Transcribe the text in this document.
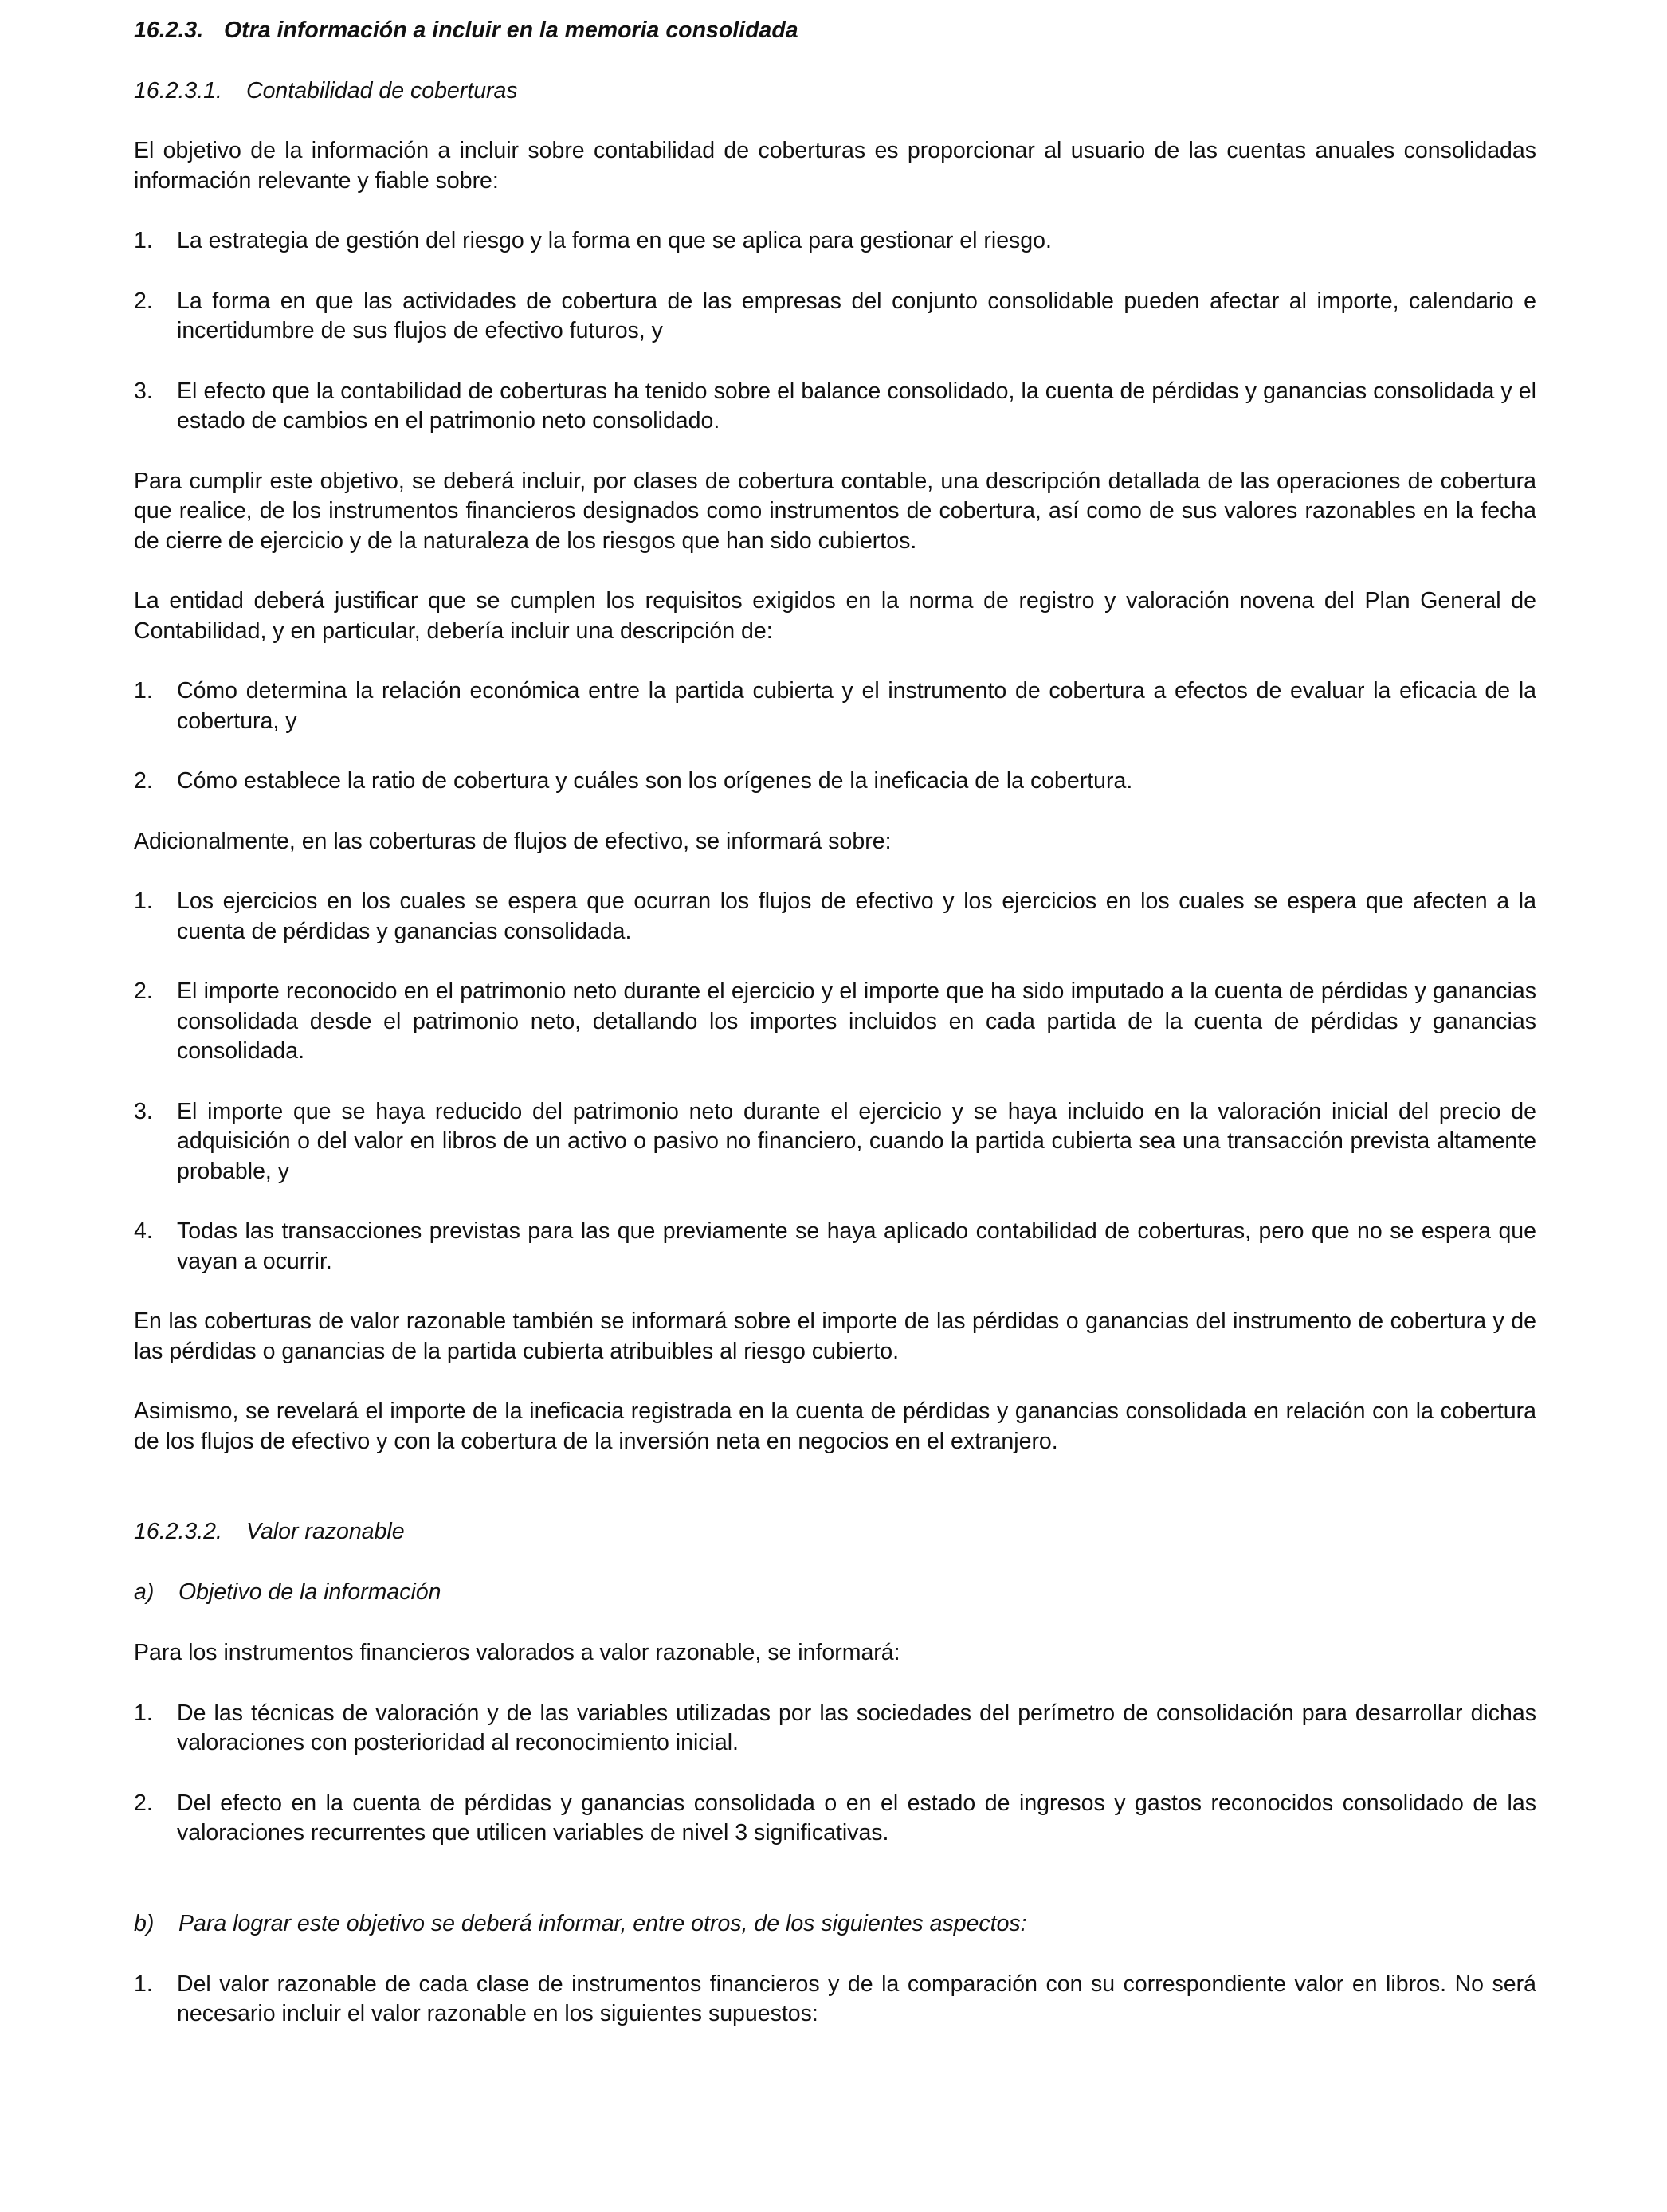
16.2.3. Otra información a incluir en la memoria consolidada
16.2.3.1. Contabilidad de coberturas

El objetivo de la información a incluir sobre contabilidad de coberturas es proporcionar al usuario de las cuentas anuales consolidadas información relevante y fiable sobre:

1. La estrategia de gestión del riesgo y la forma en que se aplica para gestionar el riesgo.
2. La forma en que las actividades de cobertura de las empresas del conjunto consolidable pueden afectar al importe, calendario e incertidumbre de sus flujos de efectivo futuros, y
3. El efecto que la contabilidad de coberturas ha tenido sobre el balance consolidado, la cuenta de pérdidas y ganancias consolidada y el estado de cambios en el patrimonio neto consolidado.

Para cumplir este objetivo, se deberá incluir, por clases de cobertura contable, una descripción detallada de las operaciones de cobertura que realice, de los instrumentos financieros designados como instrumentos de cobertura, así como de sus valores razonables en la fecha de cierre de ejercicio y de la naturaleza de los riesgos que han sido cubiertos.

La entidad deberá justificar que se cumplen los requisitos exigidos en la norma de registro y valoración novena del Plan General de Contabilidad, y en particular, debería incluir una descripción de:

1. Cómo determina la relación económica entre la partida cubierta y el instrumento de cobertura a efectos de evaluar la eficacia de la cobertura, y
2. Cómo establece la ratio de cobertura y cuáles son los orígenes de la ineficacia de la cobertura.

Adicionalmente, en las coberturas de flujos de efectivo, se informará sobre:

1. Los ejercicios en los cuales se espera que ocurran los flujos de efectivo y los ejercicios en los cuales se espera que afecten a la cuenta de pérdidas y ganancias consolidada.
2. El importe reconocido en el patrimonio neto durante el ejercicio y el importe que ha sido imputado a la cuenta de pérdidas y ganancias consolidada desde el patrimonio neto, detallando los importes incluidos en cada partida de la cuenta de pérdidas y ganancias consolidada.
3. El importe que se haya reducido del patrimonio neto durante el ejercicio y se haya incluido en la valoración inicial del precio de adquisición o del valor en libros de un activo o pasivo no financiero, cuando la partida cubierta sea una transacción prevista altamente probable, y
4. Todas las transacciones previstas para las que previamente se haya aplicado contabilidad de coberturas, pero que no se espera que vayan a ocurrir.

En las coberturas de valor razonable también se informará sobre el importe de las pérdidas o ganancias del instrumento de cobertura y de las pérdidas o ganancias de la partida cubierta atribuibles al riesgo cubierto.

Asimismo, se revelará el importe de la ineficacia registrada en la cuenta de pérdidas y ganancias consolidada en relación con la cobertura de los flujos de efectivo y con la cobertura de la inversión neta en negocios en el extranjero.

16.2.3.2. Valor razonable
a) Objetivo de la información

Para los instrumentos financieros valorados a valor razonable, se informará:

1. De las técnicas de valoración y de las variables utilizadas por las sociedades del perímetro de consolidación para desarrollar dichas valoraciones con posterioridad al reconocimiento inicial.
2. Del efecto en la cuenta de pérdidas y ganancias consolidada o en el estado de ingresos y gastos reconocidos consolidado de las valoraciones recurrentes que utilicen variables de nivel 3 significativas.
b) Para lograr este objetivo se deberá informar, entre otros, de los siguientes aspectos:
1. Del valor razonable de cada clase de instrumentos financieros y de la comparación con su correspondiente valor en libros. No será necesario incluir el valor razonable en los siguientes supuestos:
